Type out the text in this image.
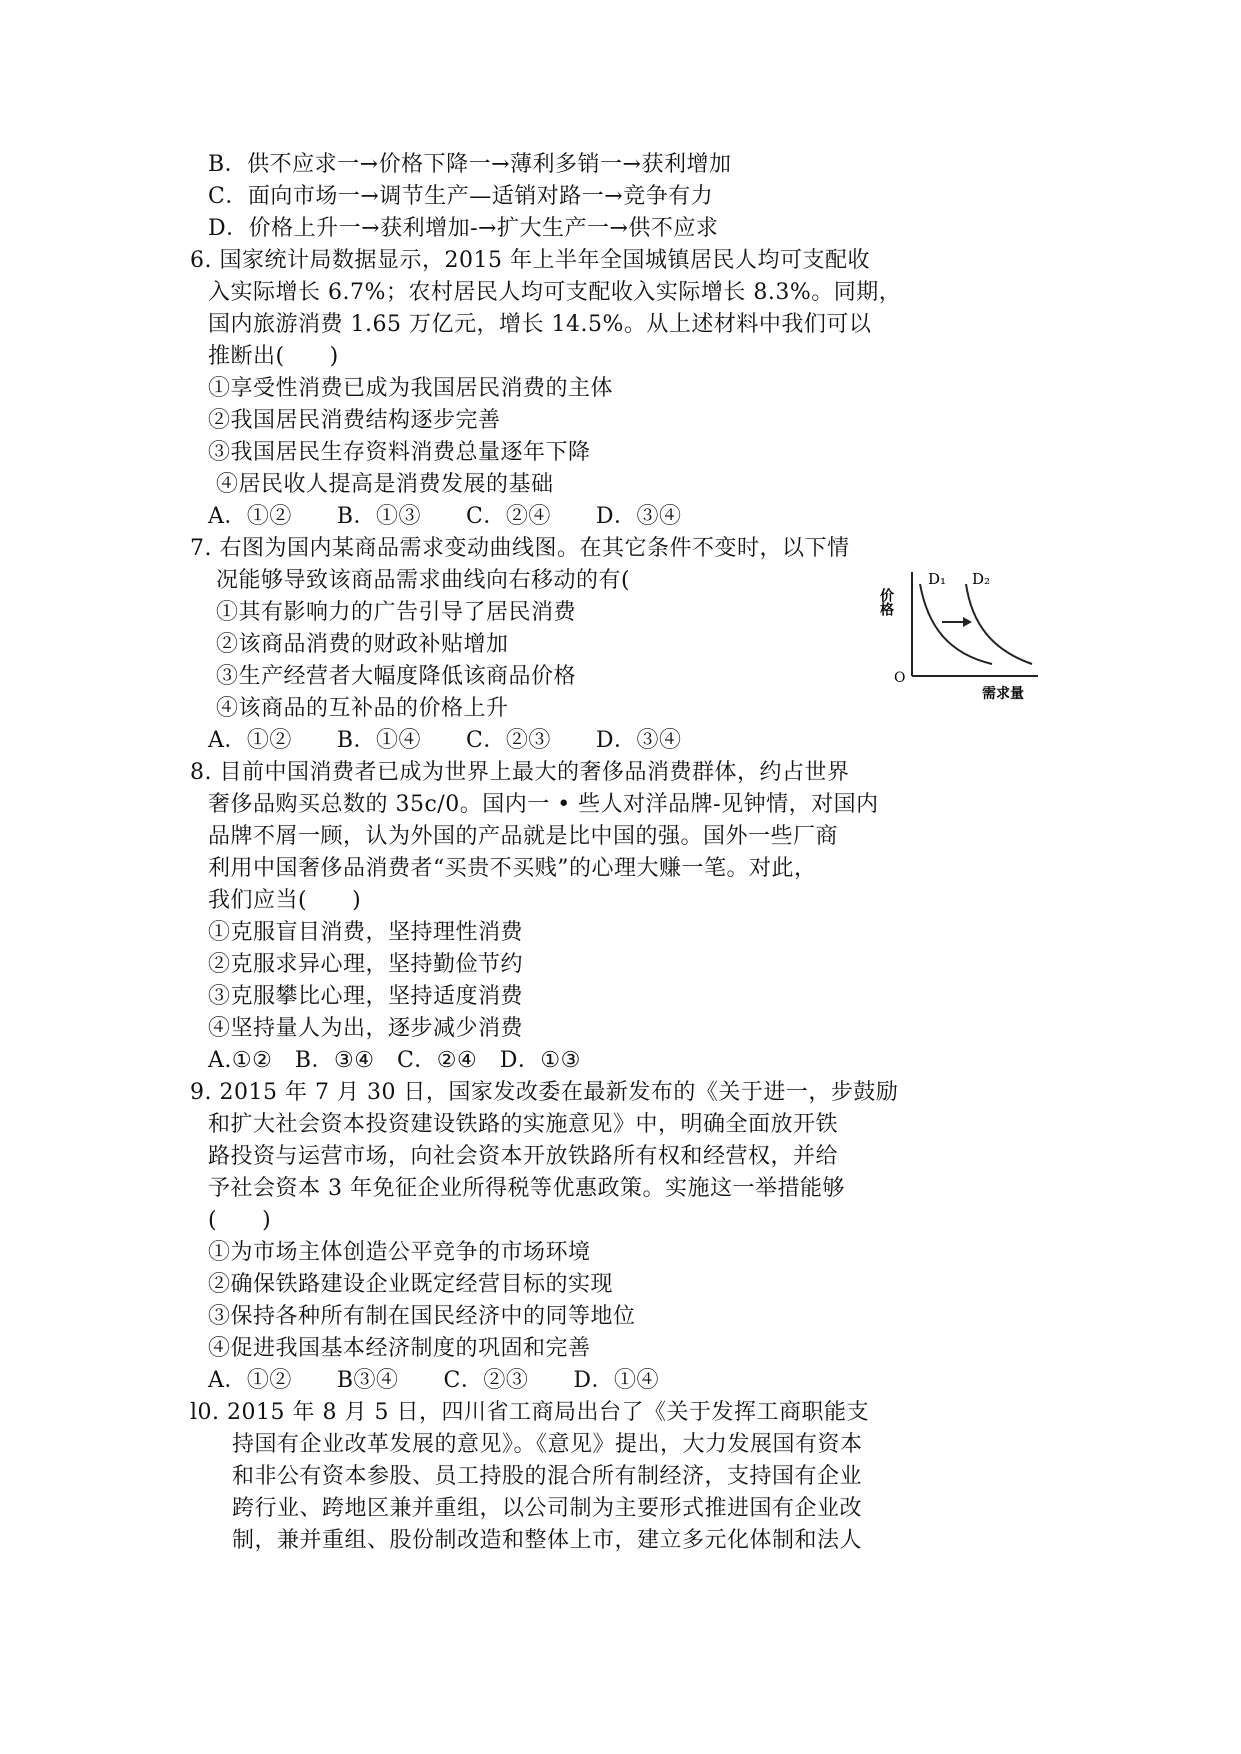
B．供不应求一→价格下降一→薄利多销一→获利增加
C．面向市场一→调节生产—适销对路一→竞争有力
D．价格上升一→获利增加-→扩大生产一→供不应求
6. 国家统计局数据显示，2015 年上半年全国城镇居民人均可支配收
入实际增长 6.7%；农村居民人均可支配收入实际增长 8.3%。同期，
国内旅游消费 1.65 万亿元，增长 14.5%。从上述材料中我们可以
推断出(　　)
①享受性消费已成为我国居民消费的主体
②我国居民消费结构逐步完善
③我国居民生存资料消费总量逐年下降
④居民收人提高是消费发展的基础
A．①②　　B．①③　　C．②④　　D．③④
7. 右图为国内某商品需求变动曲线图。在其它条件不变时，以下情
况能够导致该商品需求曲线向右移动的有(
①其有影响力的广告引导了居民消费
②该商品消费的财政补贴增加
③生产经营者大幅度降低该商品价格
④该商品的互补品的价格上升
A．①②　　B．①④　　C．②③　　D．③④
8. 目前中国消费者已成为世界上最大的奢侈品消费群体，约占世界
奢侈品购买总数的 35c/0。国内一 • 些人对洋品牌-见钟情，对国内
品牌不屑一顾，认为外国的产品就是比中国的强。国外一些厂商
利用中国奢侈品消费者“买贵不买贱”的心理大赚一笔。对此，
我们应当(　　)
①克服盲目消费，坚持理性消费
②克服求异心理，坚持勤俭节约
③克服攀比心理，坚持适度消费
④坚持量人为出，逐步减少消费
A.①②　B．③④　C．②④　D．①③
9. 2015 年 7 月 30 日，国家发改委在最新发布的《关于进一，步鼓励
和扩大社会资本投资建设铁路的实施意见》中，明确全面放开铁
路投资与运营市场，向社会资本开放铁路所有权和经营权，并给
予社会资本 3 年免征企业所得税等优惠政策。实施这一举措能够
(　　)
①为市场主体创造公平竞争的市场环境
②确保铁路建设企业既定经营目标的实现
③保持各种所有制在国民经济中的同等地位
④促进我国基本经济制度的巩固和完善
A．①②　　B③④　　C．②③　　D．①④
l0. 2015 年 8 月 5 日，四川省工商局出台了《关于发挥工商职能支
持国有企业改革发展的意见》。《意见》提出，大力发展国有资本
和非公有资本参股、员工持股的混合所有制经济，支持国有企业
跨行业、跨地区兼并重组，以公司制为主要形式推进国有企业改
制，兼并重组、股份制改造和整体上市，建立多元化体制和法人
价格
O
D₁ D₂
需求量
